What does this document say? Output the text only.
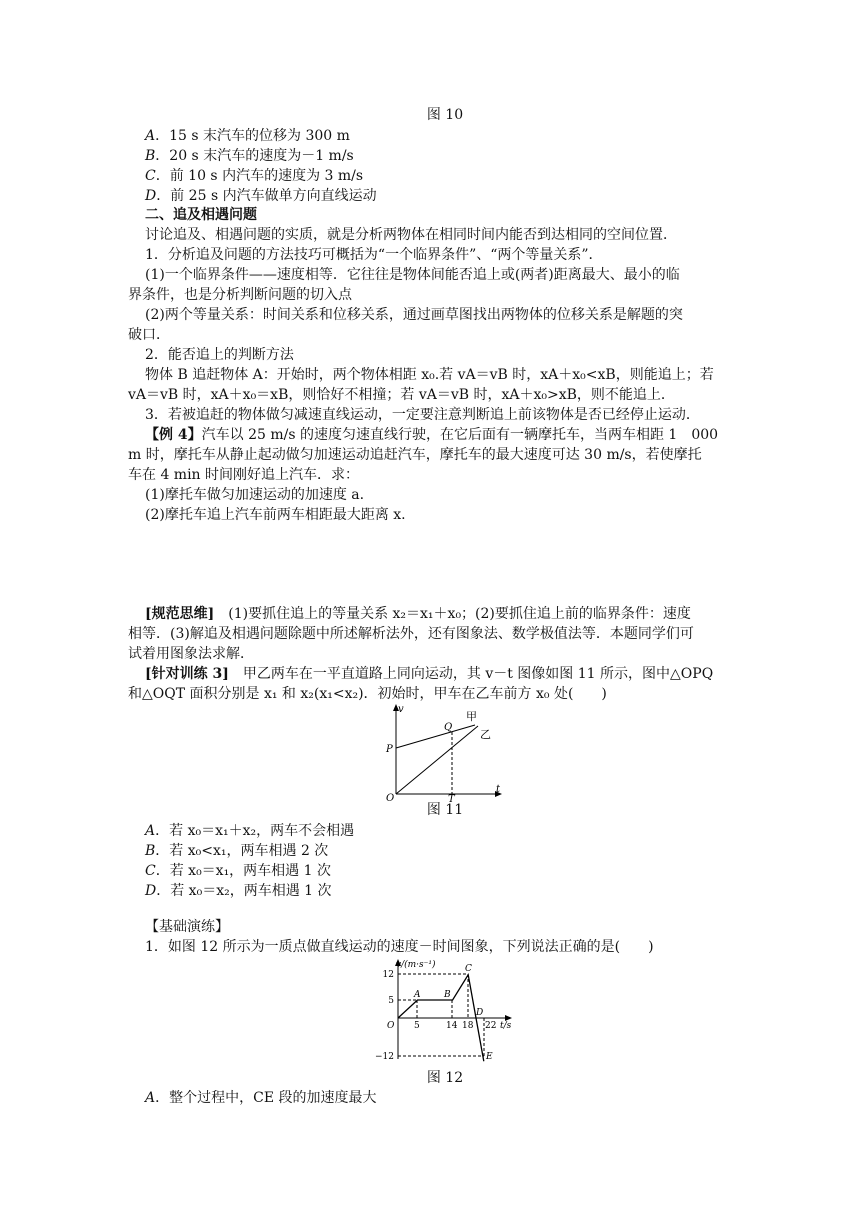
图 10
A．15 s 末汽车的位移为 300 m
B．20 s 末汽车的速度为－1 m/s
C．前 10 s 内汽车的速度为 3 m/s
D．前 25 s 内汽车做单方向直线运动
二、追及相遇问题
讨论追及、相遇问题的实质，就是分析两物体在相同时间内能否到达相同的空间位置．
1．分析追及问题的方法技巧可概括为“一个临界条件”、“两个等量关系”．
(1)一个临界条件——速度相等．它往往是物体间能否追上或(两者)距离最大、最小的临
界条件，也是分析判断问题的切入点
(2)两个等量关系：时间关系和位移关系，通过画草图找出两物体的位移关系是解题的突
破口．
2．能否追上的判断方法
物体 B 追赶物体 A：开始时，两个物体相距 x₀.若 vA＝vB 时，xA＋x₀<xB，则能追上；若
vA＝vB 时，xA＋x₀＝xB，则恰好不相撞；若 vA＝vB 时，xA＋x₀>xB，则不能追上．
3．若被追赶的物体做匀减速直线运动，一定要注意判断追上前该物体是否已经停止运动．
【例 4】汽车以 25 m/s 的速度匀速直线行驶，在它后面有一辆摩托车，当两车相距 1　000
m 时，摩托车从静止起动做匀加速运动追赶汽车，摩托车的最大速度可达 30 m/s，若使摩托
车在 4 min 时间刚好追上汽车．求：
(1)摩托车做匀加速运动的加速度 a.
(2)摩托车追上汽车前两车相距最大距离 x.
[规范思维]　 (1)要抓住追上的等量关系 x₂＝x₁＋x₀；(2)要抓住追上前的临界条件：速度
相等．(3)解追及相遇问题除题中所述解析法外，还有图象法、数学极值法等．本题同学们可
试着用图象法求解．
[针对训练 3]　 甲乙两车在一平直道路上同向运动，其 v－t 图像如图 11 所示，图中△OPQ
和△OQT 面积分别是 x₁ 和 x₂(x₁<x₂)．初始时，甲车在乙车前方 x₀ 处(　　)
v
t
O
P
Q
T
甲
乙
图 11
A．若 x₀＝x₁＋x₂，两车不会相遇
B．若 x₀<x₁，两车相遇 2 次
C．若 x₀＝x₁，两车相遇 1 次
D．若 x₀＝x₂，两车相遇 1 次
【基础演练】
1．如图 12 所示为一质点做直线运动的速度－时间图象，下列说法正确的是(　　)
v/(m·s⁻¹)
t/s
12
5
−12
O 5	14 18 22
A	B
C
D
E
图 12
A．整个过程中，CE 段的加速度最大
